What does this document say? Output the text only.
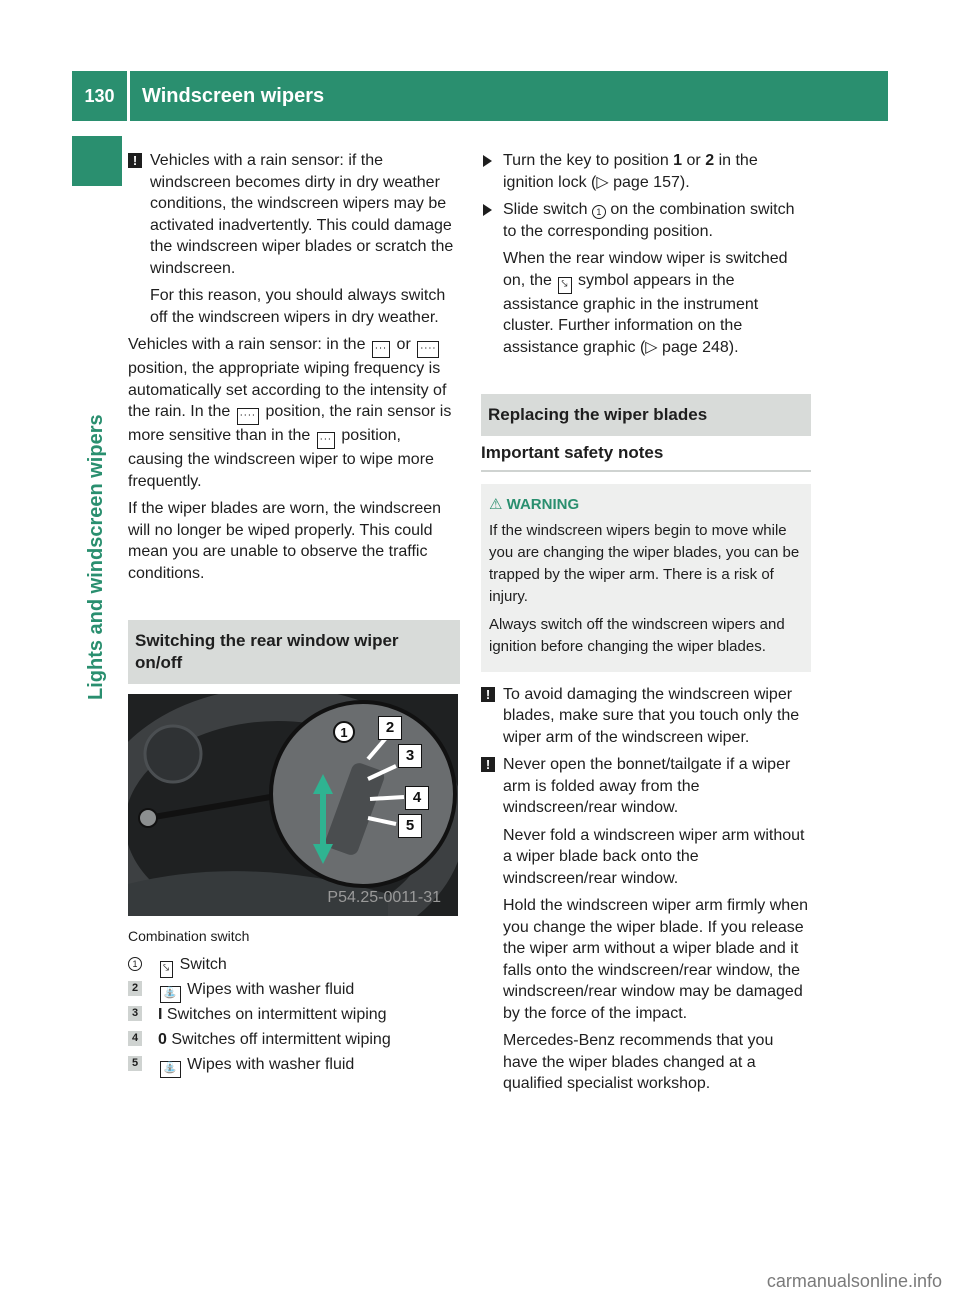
130	Windscreen wipers
Lights and windscreen wipers
! Vehicles with a rain sensor: if the windscreen becomes dirty in dry weather conditions, the windscreen wipers may be activated inadvertently. This could damage the windscreen wiper blades or scratch the windscreen.

For this reason, you should always switch off the windscreen wipers in dry weather.

Vehicles with a rain sensor: in the ∙∙∙ or ∙∙∙∙ position, the appropriate wiping frequency is automatically set according to the intensity of the rain. In the ∙∙∙∙ position, the rain sensor is more sensitive than in the ∙∙∙ position, causing the windscreen wiper to wipe more frequently.

If the wiper blades are worn, the windscreen will no longer be wiped properly. This could mean you are unable to observe the traffic conditions.

Switching the rear window wiper on/off
1	2
3
4
5
P54.25-0011-31
Combination switch
1	⤥ Switch
2	⛲ Wipes with washer fluid
3 I Switches on intermittent wiping
4 0 Switches off intermittent wiping
5	⛲ Wipes with washer fluid

Turn the key to position 1 or 2 in the ignition lock (▷ page 157).

Slide switch 1 on the combination switch to the corresponding position.

When the rear window wiper is switched on, the ⤥ symbol appears in the assistance graphic in the instrument cluster. Further information on the assistance graphic (▷ page 248).

Replacing the wiper blades
Important safety notes
⚠ WARNING

If the windscreen wipers begin to move while you are changing the wiper blades, you can be trapped by the wiper arm. There is a risk of injury.

Always switch off the windscreen wipers and ignition before changing the wiper blades.

! To avoid damaging the windscreen wiper blades, make sure that you touch only the wiper arm of the windscreen wiper.

! Never open the bonnet/tailgate if a wiper arm is folded away from the windscreen/rear window.

Never fold a windscreen wiper arm without a wiper blade back onto the windscreen/rear window.

Hold the windscreen wiper arm firmly when you change the wiper blade. If you release the wiper arm without a wiper blade and it falls onto the windscreen/rear window, the windscreen/rear window may be damaged by the force of the impact.

Mercedes-Benz recommends that you have the wiper blades changed at a qualified specialist workshop.

carmanualsonline.info
